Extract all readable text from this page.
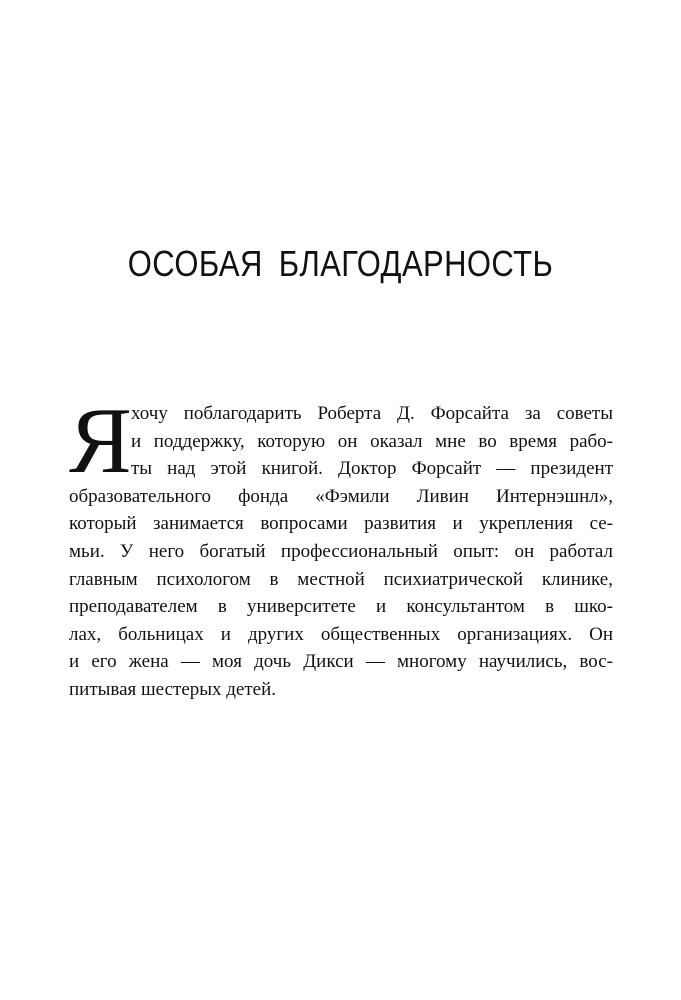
ОСОБАЯ БЛАГОДАРНОСТЬ
Я хочу поблагодарить Роберта Д. Форсайта за советы
и поддержку, которую он оказал мне во время рабо-
ты над этой книгой. Доктор Форсайт — президент
образовательного фонда «Фэмили Ливин Интернэшнл»,
который занимается вопросами развития и укрепления се-
мьи. У него богатый профессиональный опыт: он работал
главным психологом в местной психиатрической клинике,
преподавателем в университете и консультантом в шко-
лах, больницах и других общественных организациях. Он
и его жена — моя дочь Дикси — многому научились, вос-
питывая шестерых детей.
